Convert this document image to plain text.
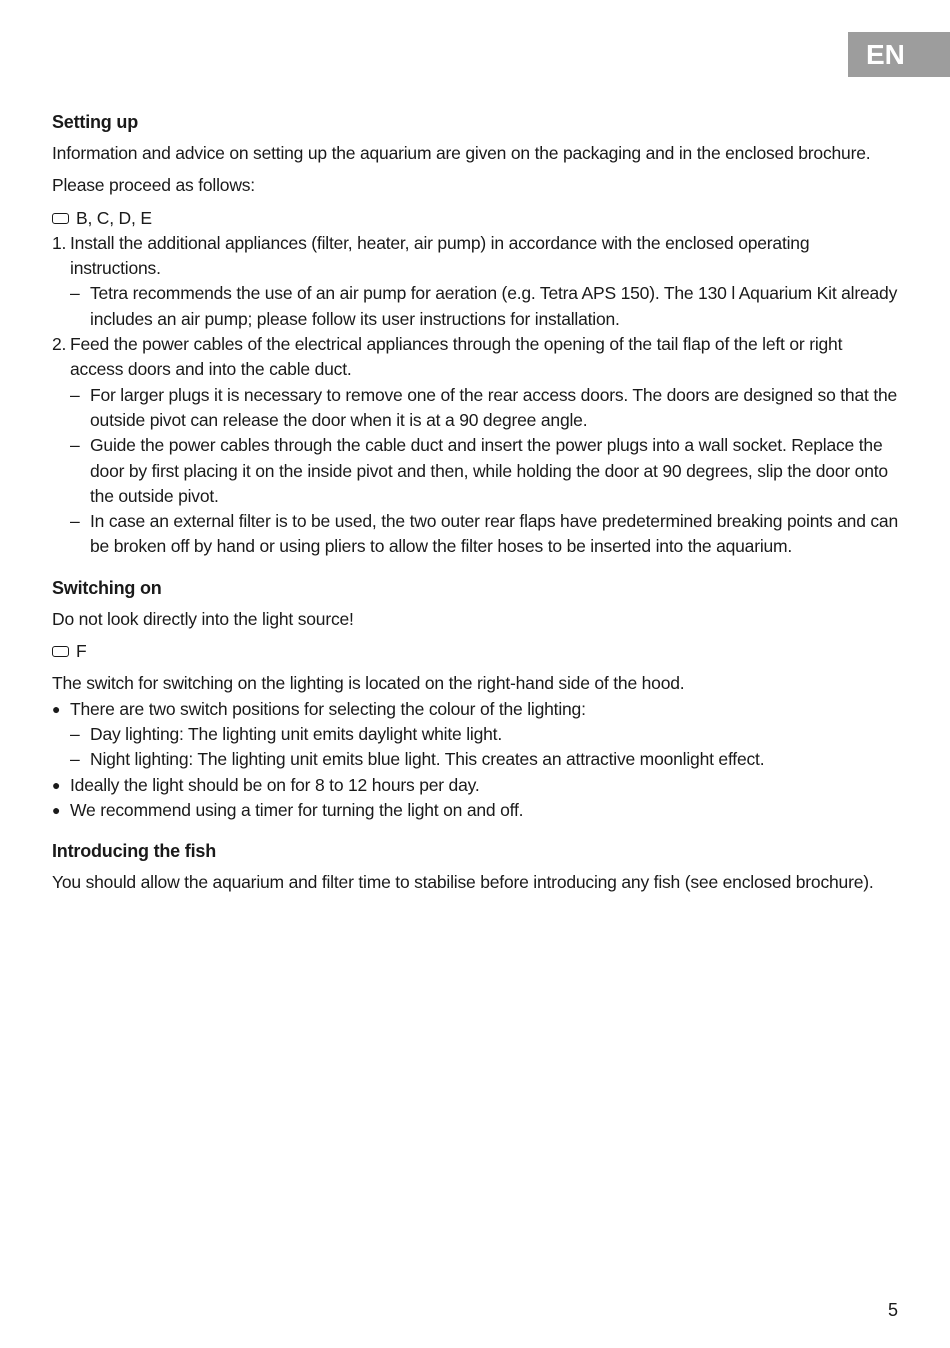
EN
Setting up

Information and advice on setting up the aquarium are given on the packaging and in the enclosed brochure.

Please proceed as follows:

B, C, D, E
1. Install the additional appliances (filter, heater, air pump) in accordance with the enclosed operating instructions.
– Tetra recommends the use of an air pump for aeration (e.g. Tetra APS 150). The 130 l Aquarium Kit already includes an air pump; please follow its user instructions for installation.
2. Feed the power cables of the electrical appliances through the opening of the tail flap of the left or right access doors and into the cable duct.
– For larger plugs it is necessary to remove one of the rear access doors. The doors are designed so that the outside pivot can release the door when it is at a 90 degree angle.
– Guide the power cables through the cable duct and insert the power plugs into a wall socket. Replace the door by first placing it on the inside pivot and then, while holding the door at 90 degrees, slip the door onto the outside pivot.
– In case an external filter is to be used, the two outer rear flaps have predetermined breaking points and can be broken off by hand or using pliers to allow the filter hoses to be inserted into the aquarium.
Switching on

Do not look directly into the light source!

F

The switch for switching on the lighting is located on the right-hand side of the hood.

● There are two switch positions for selecting the colour of the lighting:
– Day lighting: The lighting unit emits daylight white light.
– Night lighting: The lighting unit emits blue light. This creates an attractive moonlight effect.
● Ideally the light should be on for 8 to 12 hours per day.
● We recommend using a timer for turning the light on and off.
Introducing the fish

You should allow the aquarium and filter time to stabilise before introducing any fish (see enclosed brochure).

5
